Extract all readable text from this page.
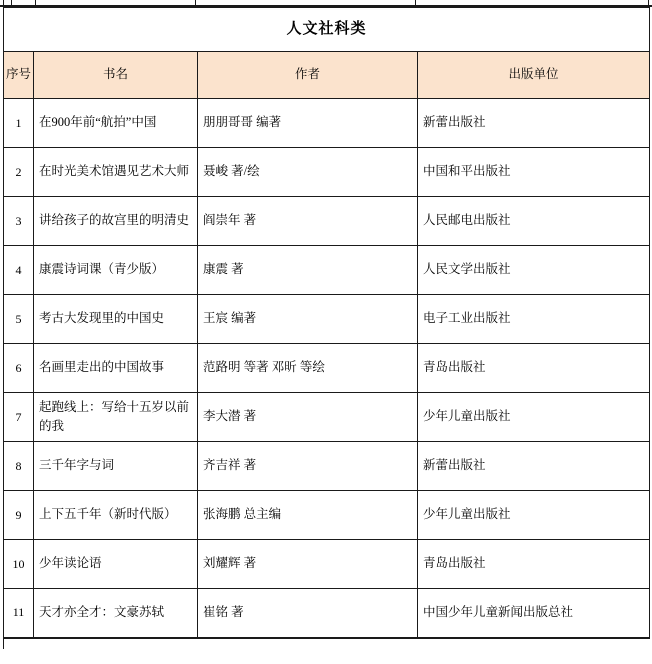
人文社科类			
序号	书名	作者	出版单位
1	在900年前“航拍”中国	朋朋哥哥 编著	新蕾出版社
2	在时光美术馆遇见艺术大师	聂峻 著/绘	中国和平出版社
3	讲给孩子的故宫里的明清史	阎崇年 著	人民邮电出版社
4	康震诗词课（青少版）	康震 著	人民文学出版社
5	考古大发现里的中国史	王宸 编著	电子工业出版社
6	名画里走出的中国故事	范路明 等著 邓昕 等绘	青岛出版社
7	起跑线上：写给十五岁以前的我	李大潜 著	少年儿童出版社
8	三千年字与词	齐吉祥 著	新蕾出版社
9	上下五千年（新时代版）	张海鹏 总主编	少年儿童出版社
10	少年读论语	刘耀辉 著	青岛出版社
11	天才亦全才：文豪苏轼	崔铭 著	中国少年儿童新闻出版总社
